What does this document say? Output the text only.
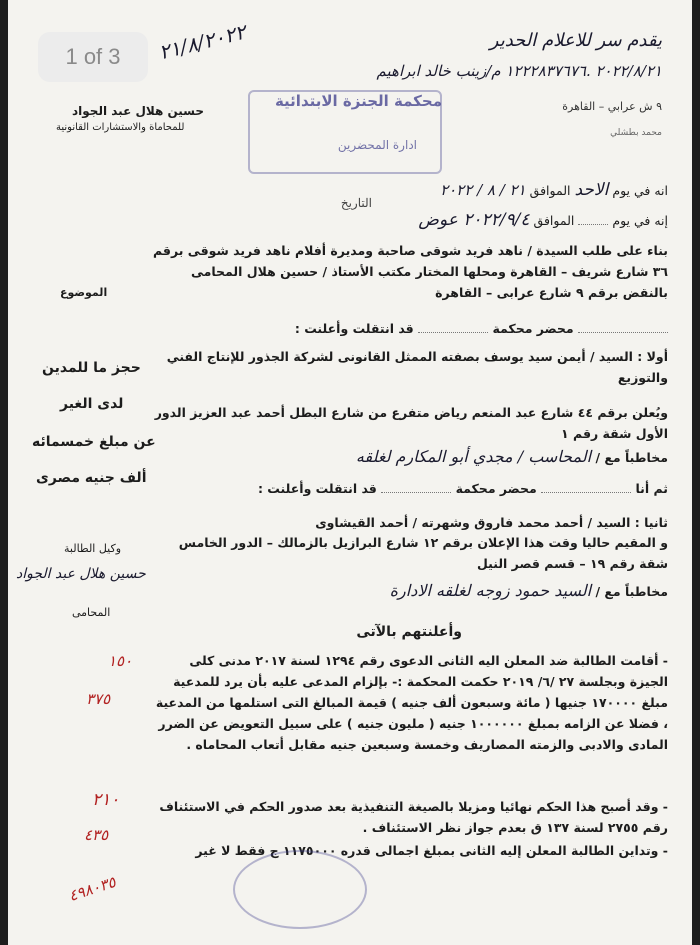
1 of 3
يقدم سر للاعلام الحدير
٢٠٢٢/٨/٢١ .١٢٢٢٨٣٧٦٧٦ م/زينب خالد ابراهيم
٢١/٨/٢٠٢٢
٩ ش عرابي – القاهرة
محمد بطشلي
محكمة الجنزة الابتدائية
ادارة المحضرين
حسين هلال عبد الجواد
للمحاماة والاستشارات القانونية
الموضوع
حجز ما للمدين
لدى الغير
عن مبلغ خمسمائه
ألف جنيه مصرى
وكيل الطالبة
حسين هلال عبد الجواد
المحامى
١٥٠
٣٧٥
٢١٠
٤٣٥
٤٩٨٠٣٥
انه في يوم الاحد الموافق ٢١ / ٨ / ٢٠٢٢
التاريخ
إنه في يوم  الموافق ٢٠٢٢/٩/٤ عوض
بناء على طلب السيدة / ناهد فريد شوقى صاحبة ومديرة أفلام ناهد فريد شوقى برقم ٣٦ شارع شريف – القاهرة ومحلها المختار مكتب الأستاذ / حسين هلال المحامى بالنقض برقم ٩ شارع عرابى – القاهرة
محضر محكمة  قد انتقلت وأعلنت :
أولا : السيد / أيمن سيد يوسف بصفته الممثل القانونى لشركة الجذور للإنتاج الفني والتوزيع
ويُعلن برقم ٤٤ شارع عبد المنعم رياض متفرع من شارع البطل أحمد عبد العزيز الدور الأول شقة رقم ١
مخاطباً مع / المحاسب / مجدي أبو المكارم لغلقه
ثم أنا  محضر محكمة  قد انتقلت وأعلنت :
ثانيا : السيد / أحمد محمد فاروق وشهرته / أحمد القيشاوى
و المقيم حاليا وقت هذا الإعلان برقم ١٢ شارع البرازيل بالزمالك – الدور الخامس شقة رقم ١٩ – قسم قصر النيل
مخاطباً مع / السيد حمود زوجه لغلقه الادارة
وأعلنتهم بالآتى
- أقامت الطالبة ضد المعلن اليه الثانى الدعوى رقم ١٢٩٤ لسنة ٢٠١٧ مدنى كلى الجيزة وبجلسة ٢٧ /٦/ ٢٠١٩ حكمت المحكمة :- بإلزام المدعى عليه بأن يرد للمدعية مبلغ ١٧٠٠٠٠ جنيها ( مائة وسبعون ألف جنيه ) قيمة المبالغ التى استلمها من المدعية ، فضلا عن الزامه بمبلغ ١٠٠٠٠٠٠ جنيه ( مليون جنيه ) على سبيل التعويض عن الضرر المادى والادبى والزمته المصاريف وخمسة وسبعين جنيه مقابل أتعاب المحاماه .
- وقد أصبح هذا الحكم نهائيا ومزيلا بالصيغة التنفيذية بعد صدور الحكم في الاستئناف رقم ٢٧٥٥ لسنة ١٣٧ ق بعدم جواز نظر الاستئناف .
- وتداين الطالبة المعلن إليه الثانى بمبلغ اجمالى قدره ١١٧٥٠٠٠ ج فقط لا غير
